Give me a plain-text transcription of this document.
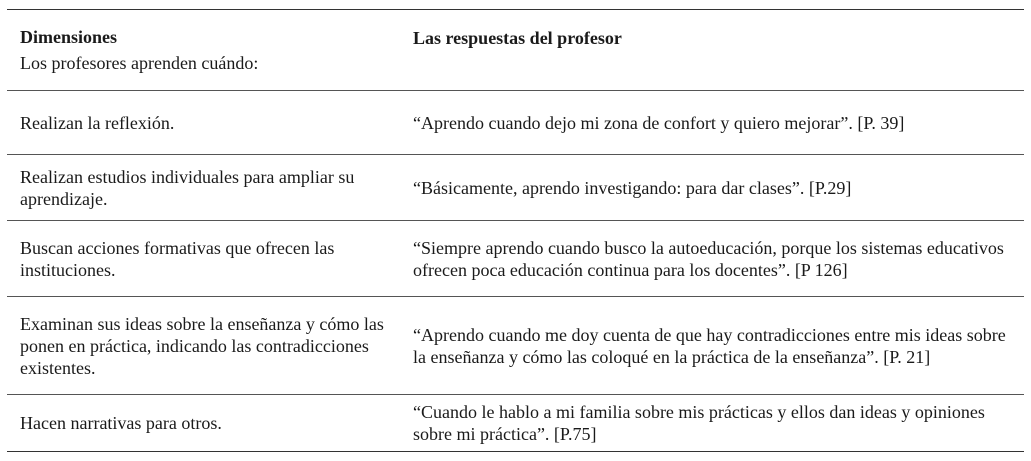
Dimensiones
Los profesores aprenden cuándo:	Las respuestas del profesor
Realizan la reflexión.	“Aprendo cuando dejo mi zona de confort y quiero mejorar”. [P. 39]
Realizan estudios individuales para ampliar su aprendizaje.	“Básicamente, aprendo investigando: para dar clases”. [P.29]
Buscan acciones formativas que ofrecen las instituciones.	“Siempre aprendo cuando busco la autoeducación, porque los sistemas educativos ofrecen poca educación continua para los docentes”. [P 126]
Examinan sus ideas sobre la enseñanza y cómo las ponen en práctica, indicando las contradicciones existentes.	“Aprendo cuando me doy cuenta de que hay contradicciones entre mis ideas sobre la enseñanza y cómo las coloqué en la práctica de la enseñanza”. [P. 21]
Hacen narrativas para otros.	“Cuando le hablo a mi familia sobre mis prácticas y ellos dan ideas y opiniones sobre mi práctica”. [P.75]
